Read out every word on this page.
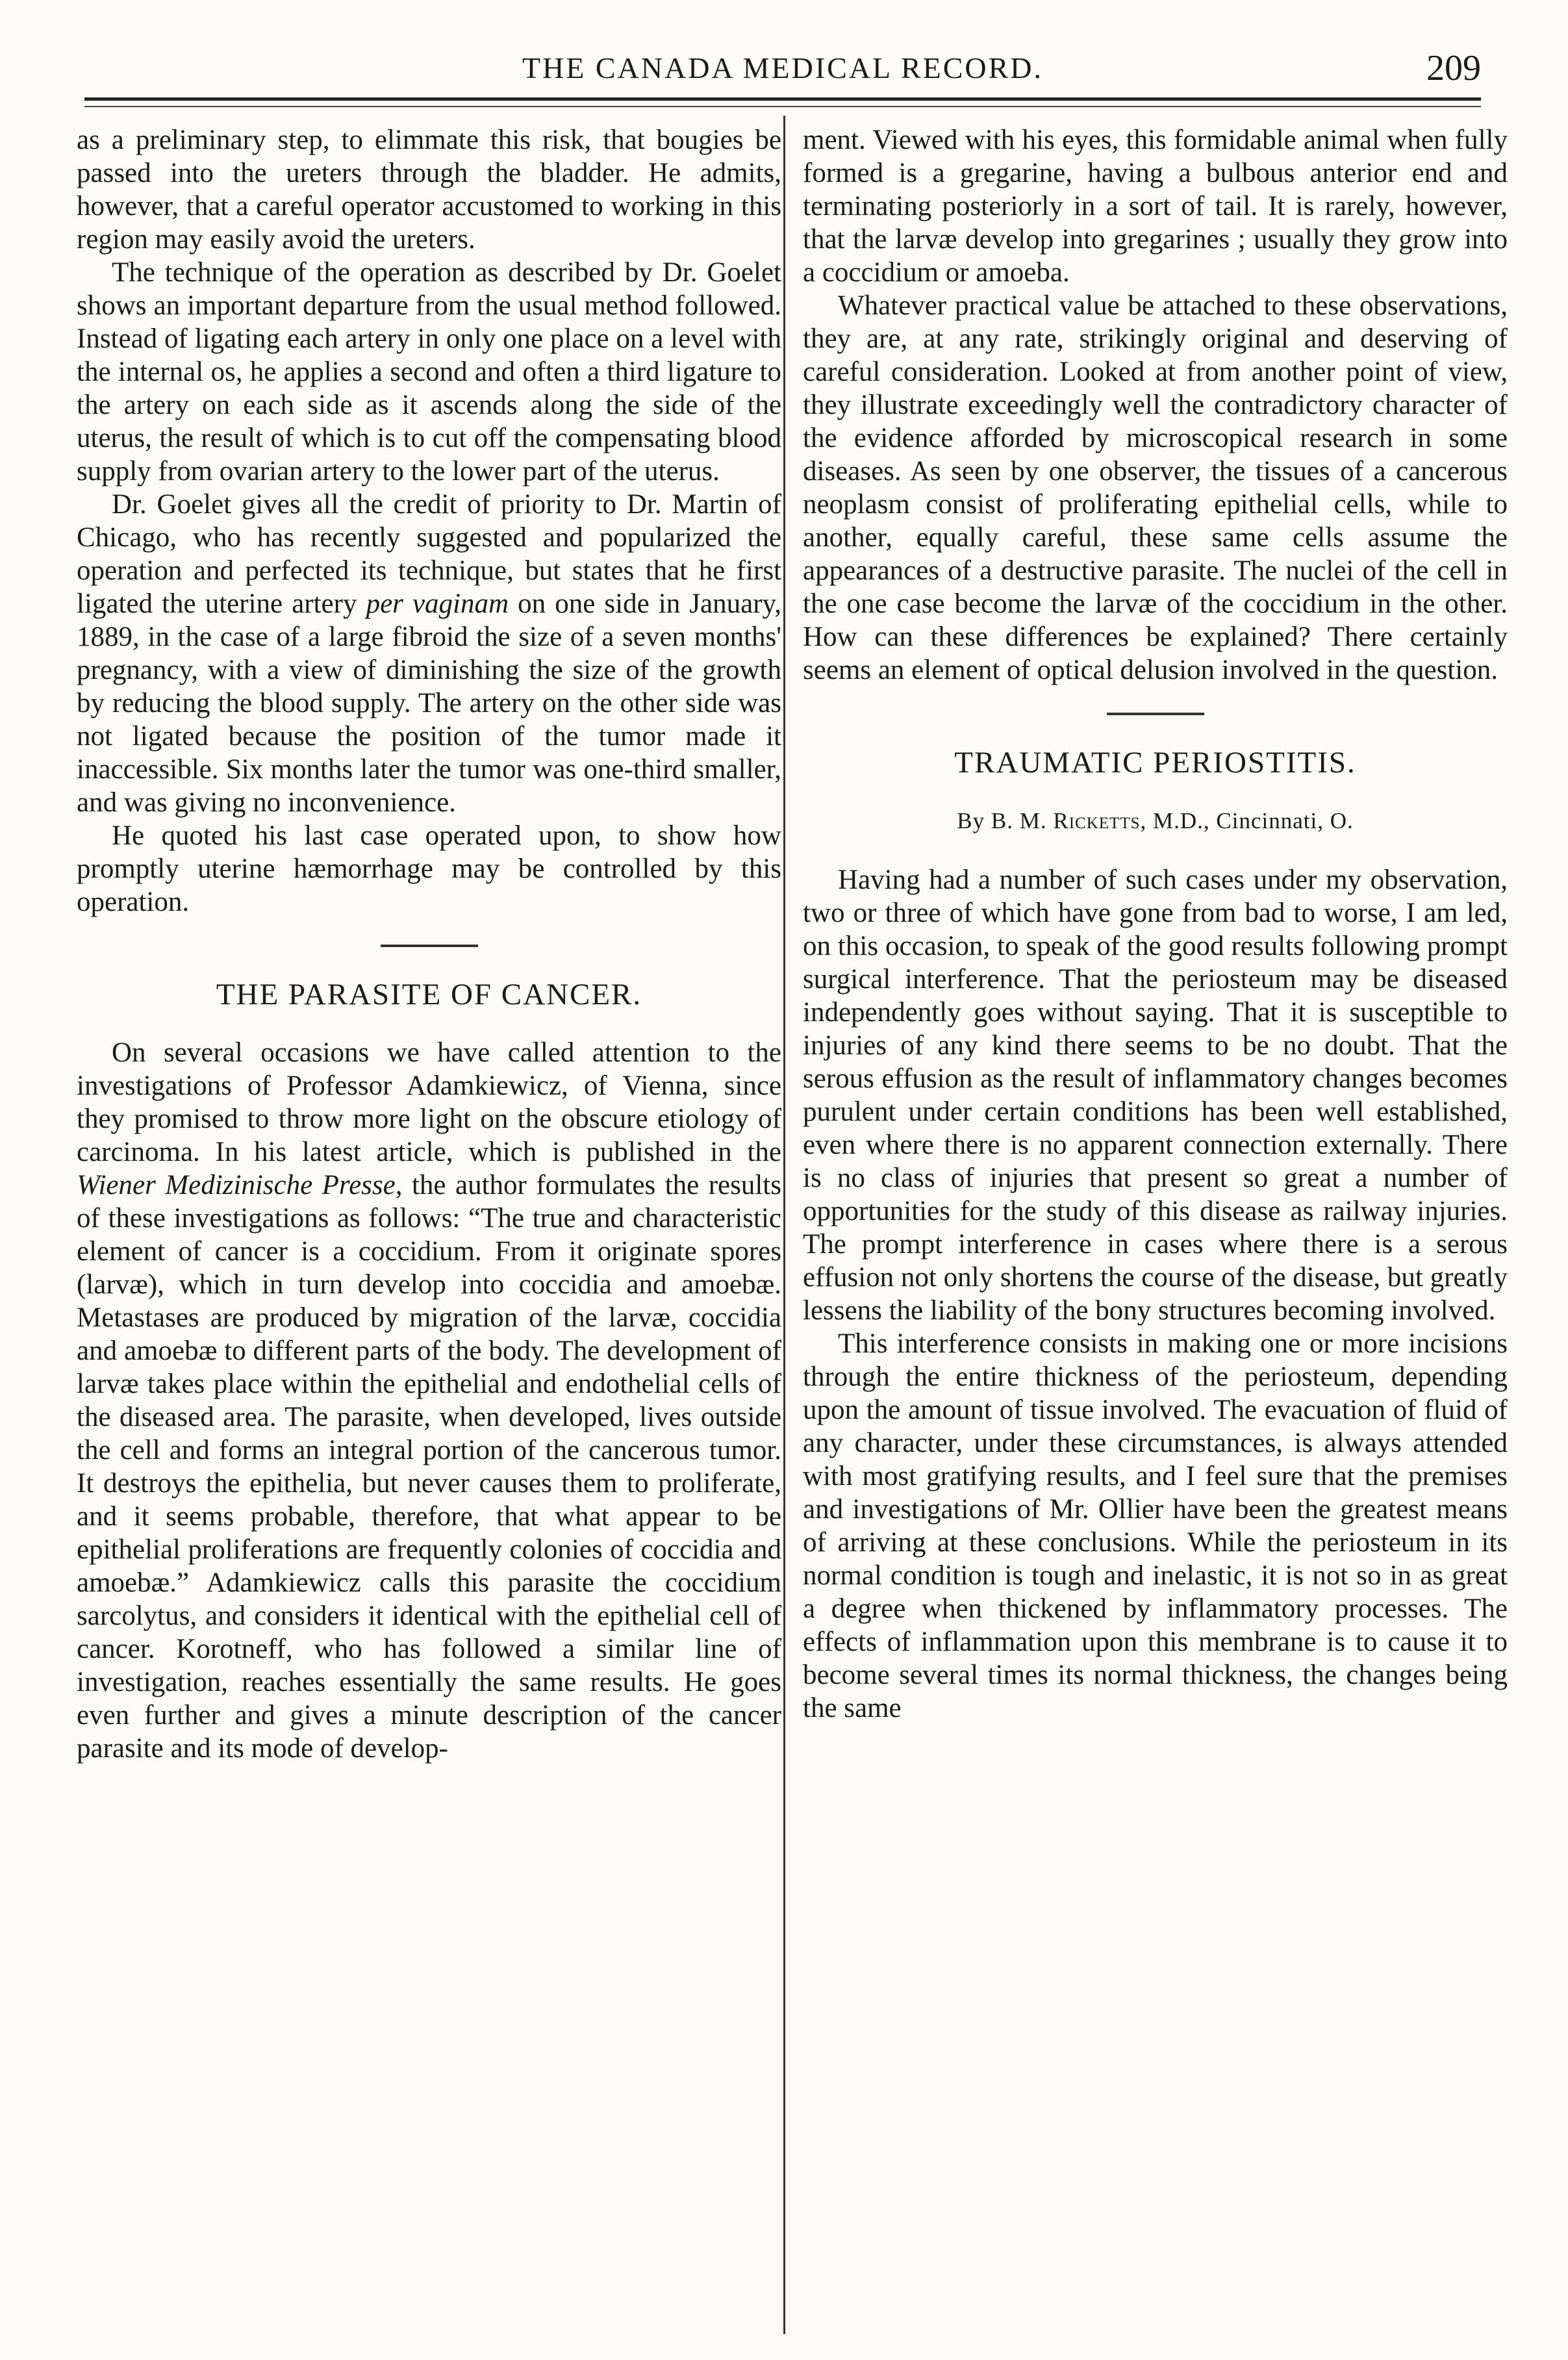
THE CANADA MEDICAL RECORD.	209

as a preliminary step, to elimmate this risk, that bougies be passed into the ureters through the bladder. He admits, however, that a careful operator accustomed to working in this region may easily avoid the ureters.

The technique of the operation as described by Dr. Goelet shows an important departure from the usual method followed. Instead of ligating each artery in only one place on a level with the internal os, he applies a second and often a third ligature to the artery on each side as it ascends along the side of the uterus, the result of which is to cut off the compensating blood supply from ovarian artery to the lower part of the uterus.

Dr. Goelet gives all the credit of priority to Dr. Martin of Chicago, who has recently suggested and popularized the operation and perfected its technique, but states that he first ligated the uterine artery per vaginam on one side in January, 1889, in the case of a large fibroid the size of a seven months' pregnancy, with a view of diminishing the size of the growth by reducing the blood supply. The artery on the other side was not ligated because the position of the tumor made it inaccessible. Six months later the tumor was one-third smaller, and was giving no inconvenience.

He quoted his last case operated upon, to show how promptly uterine hæmorrhage may be controlled by this operation.

THE PARASITE OF CANCER.

On several occasions we have called attention to the investigations of Professor Adamkiewicz, of Vienna, since they promised to throw more light on the obscure etiology of carcinoma. In his latest article, which is published in the Wiener Medizinische Presse, the author formulates the results of these investigations as follows: “The true and characteristic element of cancer is a coccidium. From it originate spores (larvæ), which in turn develop into coccidia and amoebæ. Metastases are produced by migration of the larvæ, coccidia and amoebæ to different parts of the body. The development of larvæ takes place within the epithelial and endothelial cells of the diseased area. The parasite, when developed, lives outside the cell and forms an integral portion of the cancerous tumor. It destroys the epithelia, but never causes them to proliferate, and it seems probable, therefore, that what appear to be epithelial proliferations are frequently colonies of coccidia and amoebæ.” Adamkiewicz calls this parasite the coccidium sarcolytus, and considers it identical with the epithelial cell of cancer. Korotneff, who has followed a similar line of investigation, reaches essentially the same results. He goes even further and gives a minute description of the cancer parasite and its mode of develop-

ment. Viewed with his eyes, this formidable animal when fully formed is a gregarine, having a bulbous anterior end and terminating posteriorly in a sort of tail. It is rarely, however, that the larvæ develop into gregarines ; usually they grow into a coccidium or amoeba.

Whatever practical value be attached to these observations, they are, at any rate, strikingly original and deserving of careful consideration. Looked at from another point of view, they illustrate exceedingly well the contradictory character of the evidence afforded by microscopical research in some diseases. As seen by one observer, the tissues of a cancerous neoplasm consist of proliferating epithelial cells, while to another, equally careful, these same cells assume the appearances of a destructive parasite. The nuclei of the cell in the one case become the larvæ of the coccidium in the other. How can these differences be explained? There certainly seems an element of optical delusion involved in the question.

TRAUMATIC PERIOSTITIS.

By B. M. Ricketts, M.D., Cincinnati, O.

Having had a number of such cases under my observation, two or three of which have gone from bad to worse, I am led, on this occasion, to speak of the good results following prompt surgical interference. That the periosteum may be diseased independently goes without saying. That it is susceptible to injuries of any kind there seems to be no doubt. That the serous effusion as the result of inflammatory changes becomes purulent under certain conditions has been well established, even where there is no apparent connection externally. There is no class of injuries that present so great a number of opportunities for the study of this disease as railway injuries. The prompt interference in cases where there is a serous effusion not only shortens the course of the disease, but greatly lessens the liability of the bony structures becoming involved.

This interference consists in making one or more incisions through the entire thickness of the periosteum, depending upon the amount of tissue involved. The evacuation of fluid of any character, under these circumstances, is always attended with most gratifying results, and I feel sure that the premises and investigations of Mr. Ollier have been the greatest means of arriving at these conclusions. While the periosteum in its normal condition is tough and inelastic, it is not so in as great a degree when thickened by inflammatory processes. The effects of inflammation upon this membrane is to cause it to become several times its normal thickness, the changes being the same
